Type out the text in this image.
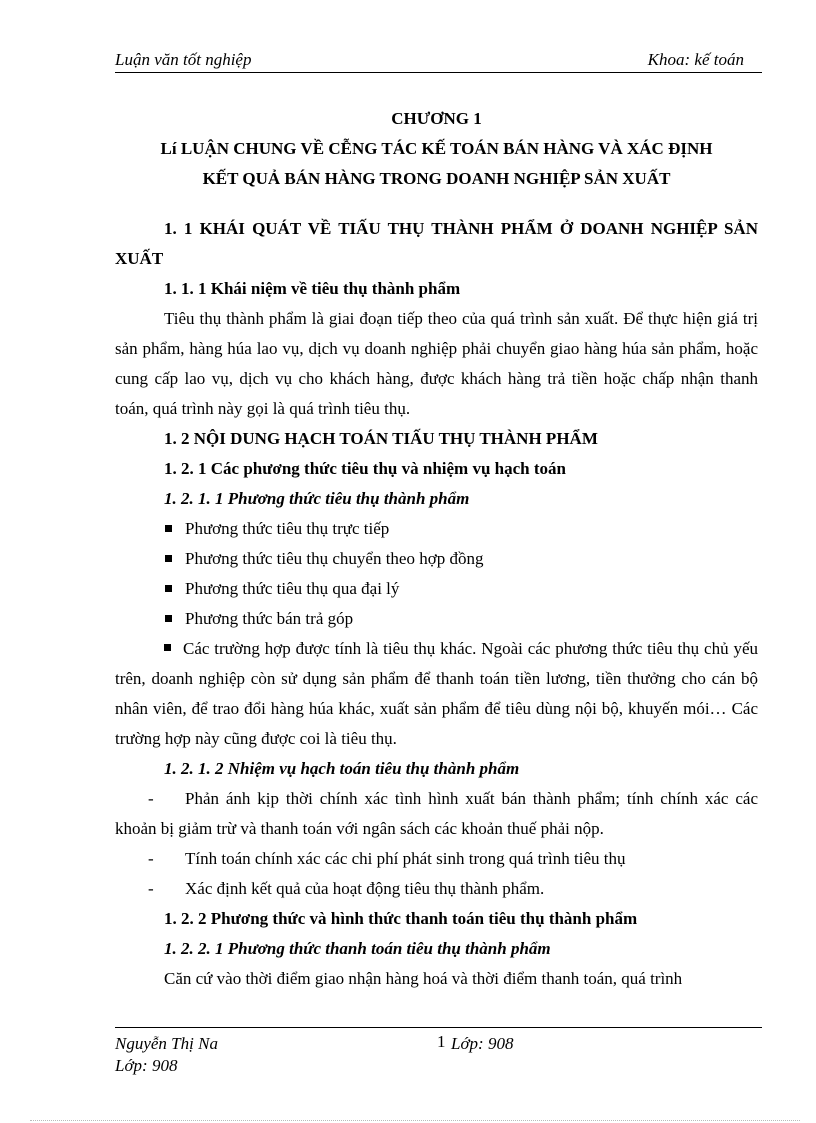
Luận văn tốt nghiệp	Khoa: kế toán

CHƯƠNG 1

Lí LUẬN CHUNG VỀ CỄNG TÁC KẾ TOÁN BÁN HÀNG VÀ XÁC ĐỊNH

KẾT QUẢ BÁN HÀNG TRONG DOANH NGHIỆP SẢN XUẤT

1. 1 KHÁI QUÁT VỀ TIẤU THỤ THÀNH PHẨM Ở DOANH NGHIỆP SẢN XUẤT

1. 1. 1 Khái niệm về tiêu thụ thành phẩm

Tiêu thụ thành phẩm là giai đoạn tiếp theo của quá trình sản xuất. Để thực hiện giá trị sản phẩm, hàng húa lao vụ, dịch vụ doanh nghiệp phải chuyển giao hàng húa sản phẩm, hoặc cung cấp lao vụ, dịch vụ cho khách hàng, được khách hàng trả tiền hoặc chấp nhận thanh toán, quá trình này gọi là quá trình tiêu thụ.

1. 2 NỘI DUNG HẠCH TOÁN TIẤU THỤ THÀNH PHẨM

1. 2. 1 Các phương thức tiêu thụ và nhiệm vụ hạch toán

1. 2. 1. 1 Phương thức tiêu thụ thành phẩm

Phương thức tiêu thụ trực tiếp

Phương thức tiêu thụ chuyển theo hợp đồng

Phương thức tiêu thụ qua đại lý

Phương thức bán trả góp

Các trường hợp được tính là tiêu thụ khác. Ngoài các phương thức tiêu thụ chủ yếu trên, doanh nghiệp còn sử dụng sản phẩm để thanh toán tiền lương, tiền thưởng cho cán bộ nhân viên, để trao đổi hàng húa khác, xuất sản phẩm để tiêu dùng nội bộ, khuyến mói… Các trường hợp này cũng được coi là tiêu thụ.

1. 2. 1. 2 Nhiệm vụ hạch toán tiêu thụ thành phẩm

- Phản ánh kịp thời chính xác tình hình xuất bán thành phẩm; tính chính xác các khoản bị giảm trừ và thanh toán với ngân sách các khoản thuế phải nộp.

- Tính toán chính xác các chi phí phát sinh trong quá trình tiêu thụ

- Xác định kết quả của hoạt động tiêu thụ thành phẩm.

1. 2. 2 Phương thức và hình thức thanh toán tiêu thụ thành phẩm

1. 2. 2. 1 Phương thức thanh toán tiêu thụ thành phẩm

Căn cứ vào thời điểm giao nhận hàng hoá và thời điểm thanh toán, quá trình

Nguyễn Thị Na
Lớp: 908
1 Lớp: 908
